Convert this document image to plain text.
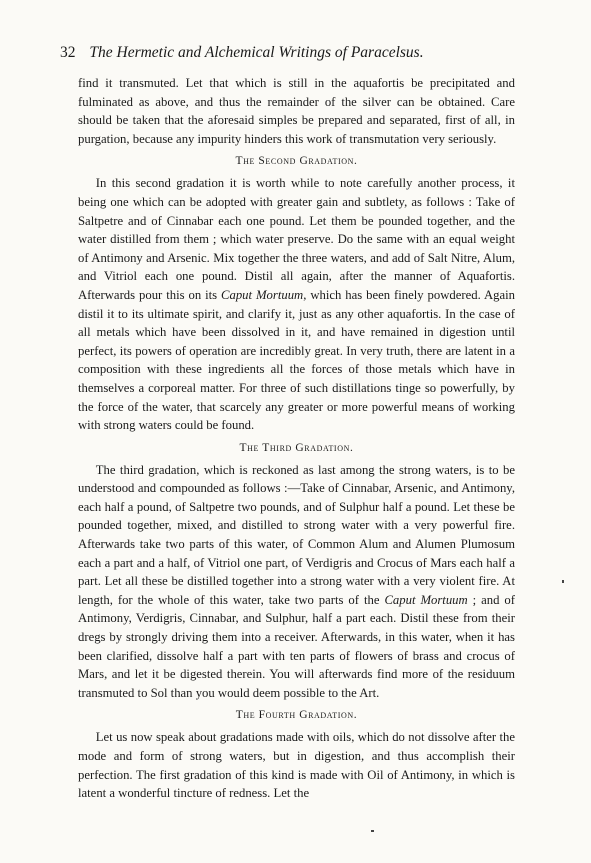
32 The Hermetic and Alchemical Writings of Paracelsus.

find it transmuted. Let that which is still in the aquafortis be precipitated and fulminated as above, and thus the remainder of the silver can be obtained. Care should be taken that the aforesaid simples be prepared and separated, first of all, in purgation, because any impurity hinders this work of transmutation very seriously.

The Second Gradation.

In this second gradation it is worth while to note carefully another process, it being one which can be adopted with greater gain and subtlety, as follows : Take of Saltpetre and of Cinnabar each one pound. Let them be pounded together, and the water distilled from them ; which water preserve. Do the same with an equal weight of Antimony and Arsenic. Mix together the three waters, and add of Salt Nitre, Alum, and Vitriol each one pound. Distil all again, after the manner of Aquafortis. Afterwards pour this on its Caput Mortuum, which has been finely powdered. Again distil it to its ultimate spirit, and clarify it, just as any other aquafortis. In the case of all metals which have been dissolved in it, and have remained in digestion until perfect, its powers of operation are incredibly great. In very truth, there are latent in a composition with these ingredients all the forces of those metals which have in themselves a corporeal matter. For three of such distillations tinge so powerfully, by the force of the water, that scarcely any greater or more powerful means of working with strong waters could be found.

The Third Gradation.

The third gradation, which is reckoned as last among the strong waters, is to be understood and compounded as follows :—Take of Cinnabar, Arsenic, and Antimony, each half a pound, of Saltpetre two pounds, and of Sulphur half a pound. Let these be pounded together, mixed, and distilled to strong water with a very powerful fire. Afterwards take two parts of this water, of Common Alum and Alumen Plumosum each a part and a half, of Vitriol one part, of Verdigris and Crocus of Mars each half a part. Let all these be distilled together into a strong water with a very violent fire. At length, for the whole of this water, take two parts of the Caput Mortuum ; and of Antimony, Verdigris, Cinnabar, and Sulphur, half a part each. Distil these from their dregs by strongly driving them into a receiver. Afterwards, in this water, when it has been clarified, dissolve half a part with ten parts of flowers of brass and crocus of Mars, and let it be digested therein. You will afterwards find more of the residuum transmuted to Sol than you would deem possible to the Art.

The Fourth Gradation.

Let us now speak about gradations made with oils, which do not dissolve after the mode and form of strong waters, but in digestion, and thus accomplish their perfection. The first gradation of this kind is made with Oil of Antimony, in which is latent a wonderful tincture of redness. Let the
